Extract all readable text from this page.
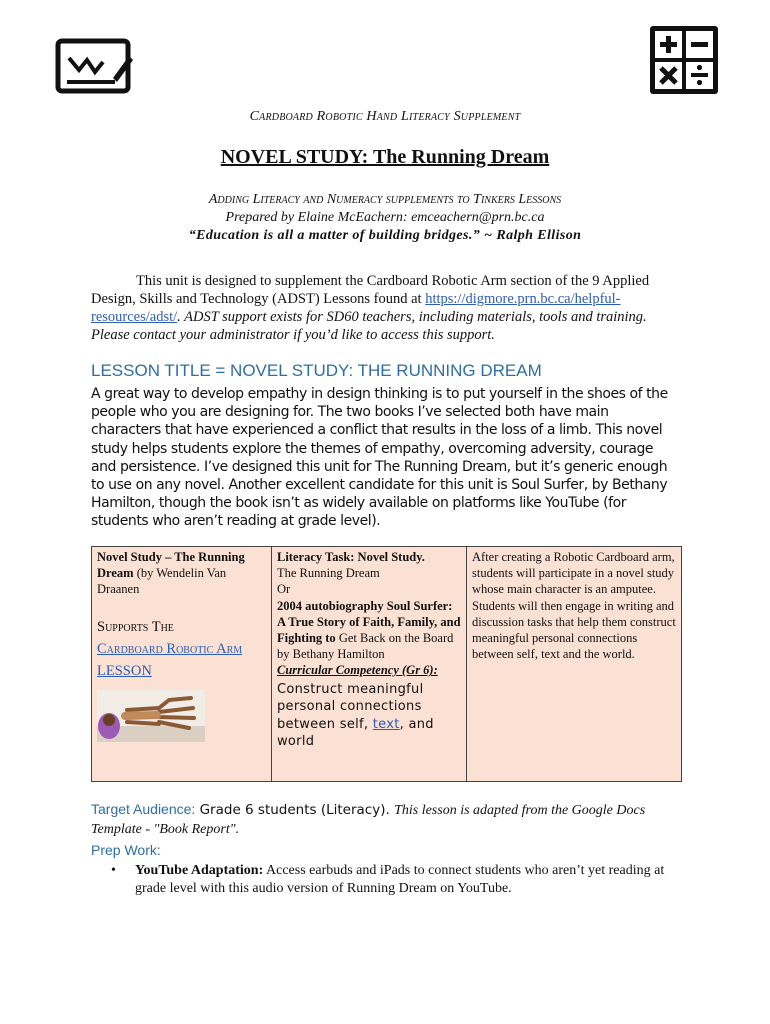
Cardboard Robotic Hand Literacy Supplement
NOVEL STUDY: The Running Dream
Adding Literacy and Numeracy supplements to Tinkers Lessons
Prepared by Elaine McEachern: emceachern@prn.bc.ca
“Education is all a matter of building bridges.” ~ Ralph Ellison
This unit is designed to supplement the Cardboard Robotic Arm section of the 9 Applied Design, Skills and Technology (ADST) Lessons found at https://digmore.prn.bc.ca/helpful-resources/adst/. ADST support exists for SD60 teachers, including materials, tools and training. Please contact your administrator if you’d like to access this support.
LESSON TITLE = NOVEL STUDY: THE RUNNING DREAM
A great way to develop empathy in design thinking is to put yourself in the shoes of the people who you are designing for. The two books I’ve selected both have main characters that have experienced a conflict that results in the loss of a limb. This novel study helps students explore the themes of empathy, overcoming adversity, courage and persistence. I’ve designed this unit for The Running Dream, but it’s generic enough to use on any novel. Another excellent candidate for this unit is Soul Surfer, by Bethany Hamilton, though the book isn’t as widely available on platforms like YouTube (for students who aren’t reading at grade level).
Novel Study – The Running Dream (by Wendelin Van Draanen
Supports The
Cardboard Robotic Arm LESSON
Literacy Task: Novel Study.
The Running Dream
Or
2004 autobiography Soul Surfer: A True Story of Faith, Family, and Fighting to Get Back on the Board by Bethany Hamilton
Curricular Competency (Gr 6):
Construct meaningful personal connections between self, text, and world
After creating a Robotic Cardboard arm, students will participate in a novel study whose main character is an amputee. Students will then engage in writing and discussion tasks that help them construct meaningful personal connections between self, text and the world.
Target Audience: Grade 6 students (Literacy). This lesson is adapted from the Google Docs Template - "Book Report".
Prep Work:
• YouTube Adaptation: Access earbuds and iPads to connect students who aren’t yet reading at grade level with this audio version of Running Dream on YouTube.
